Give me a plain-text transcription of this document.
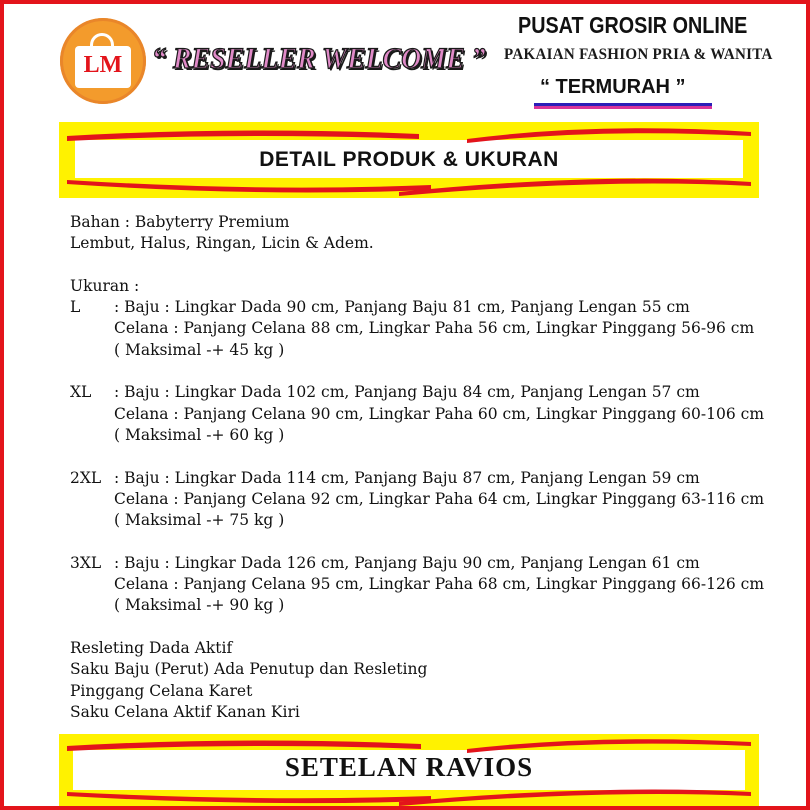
LM “ RESELLER WELCOME ”
PUSAT GROSIR ONLINE
PAKAIAN FASHION PRIA & WANITA
“ TERMURAH ”
DETAIL PRODUK & UKURAN

Bahan : Babyterry Premium

Lembut, Halus, Ringan, Licin & Adem.

Ukuran :

L : Baju : Lingkar Dada 90 cm, Panjang Baju 81 cm, Panjang Lengan 55 cm

Celana : Panjang Celana 88 cm, Lingkar Paha 56 cm, Lingkar Pinggang 56-96 cm

( Maksimal -+ 45 kg )

XL : Baju : Lingkar Dada 102 cm, Panjang Baju 84 cm, Panjang Lengan 57 cm

Celana : Panjang Celana 90 cm, Lingkar Paha 60 cm, Lingkar Pinggang 60-106 cm

( Maksimal -+ 60 kg )

2XL : Baju : Lingkar Dada 114 cm, Panjang Baju 87 cm, Panjang Lengan 59 cm

Celana : Panjang Celana 92 cm, Lingkar Paha 64 cm, Lingkar Pinggang 63-116 cm

( Maksimal -+ 75 kg )

3XL : Baju : Lingkar Dada 126 cm, Panjang Baju 90 cm, Panjang Lengan 61 cm

Celana : Panjang Celana 95 cm, Lingkar Paha 68 cm, Lingkar Pinggang 66-126 cm

( Maksimal -+ 90 kg )

Resleting Dada Aktif

Saku Baju (Perut) Ada Penutup dan Resleting

Pinggang Celana Karet

Saku Celana Aktif Kanan Kiri

SETELAN RAVIOS
